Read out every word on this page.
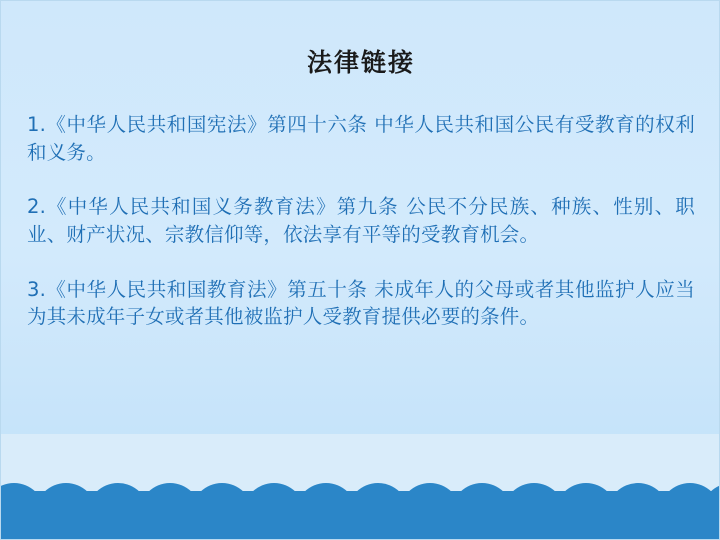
法律链接
1.《中华人民共和国宪法》第四十六条 中华人民共和国公民有受教育的权利和义务。
2.《中华人民共和国义务教育法》第九条 公民不分民族、种族、性别、职业、财产状况、宗教信仰等，依法享有平等的受教育机会。
3.《中华人民共和国教育法》第五十条 未成年人的父母或者其他监护人应当为其未成年子女或者其他被监护人受教育提供必要的条件。
